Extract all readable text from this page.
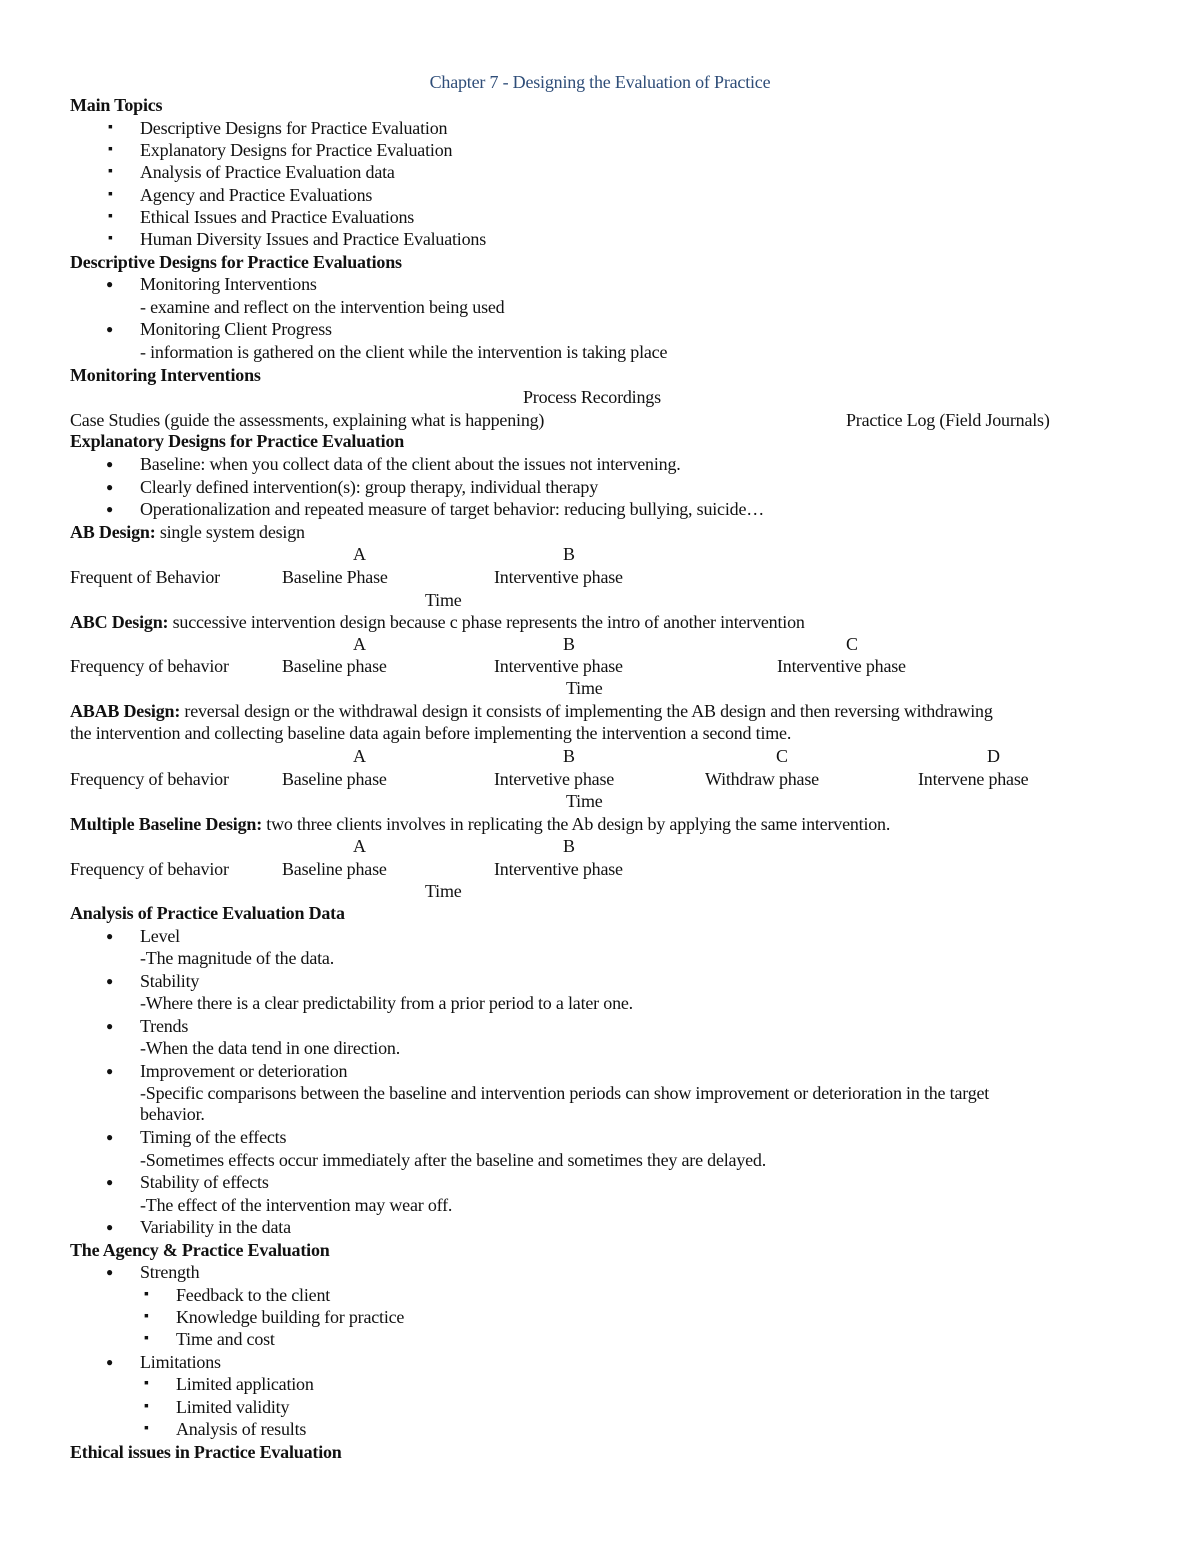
Chapter 7 - Designing the Evaluation of Practice
Main Topics
▪ Descriptive Designs for Practice Evaluation
▪ Explanatory Designs for Practice Evaluation
▪ Analysis of Practice Evaluation data
▪ Agency and Practice Evaluations
▪ Ethical Issues and Practice Evaluations
▪ Human Diversity Issues and Practice Evaluations
Descriptive Designs for Practice Evaluations
● Monitoring Interventions
- examine and reflect on the intervention being used
● Monitoring Client Progress
- information is gathered on the client while the intervention is taking place
Monitoring Interventions
Process Recordings
Case Studies (guide the assessments, explaining what is happening)	Practice Log (Field Journals)
Explanatory Designs for Practice Evaluation
● Baseline: when you collect data of the client about the issues not intervening.
● Clearly defined intervention(s): group therapy, individual therapy
● Operationalization and repeated measure of target behavior: reducing bullying, suicide…
AB Design: single system design
A	B
Frequent of Behavior	Baseline Phase	Interventive phase
Time
ABC Design: successive intervention design because c phase represents the intro of another intervention
A	B	C
Frequency of behavior	Baseline phase	Interventive phase	Interventive phase
Time
ABAB Design: reversal design or the withdrawal design it consists of implementing the AB design and then reversing withdrawing
the intervention and collecting baseline data again before implementing the intervention a second time.
A	B	C	D
Frequency of behavior	Baseline phase	Intervetive phase	Withdraw phase	Intervene phase
Time
Multiple Baseline Design: two three clients involves in replicating the Ab design by applying the same intervention.
A	B
Frequency of behavior	Baseline phase	Interventive phase
Time
Analysis of Practice Evaluation Data
● Level
-The magnitude of the data.
● Stability
-Where there is a clear predictability from a prior period to a later one.
● Trends
-When the data tend in one direction.
● Improvement or deterioration
-Specific comparisons between the baseline and intervention periods can show improvement or deterioration in the target
behavior.
● Timing of the effects
-Sometimes effects occur immediately after the baseline and sometimes they are delayed.
● Stability of effects
-The effect of the intervention may wear off.
● Variability in the data
The Agency & Practice Evaluation
● Strength
▪ Feedback to the client
▪ Knowledge building for practice
▪ Time and cost
● Limitations
▪ Limited application
▪ Limited validity
▪ Analysis of results
Ethical issues in Practice Evaluation
